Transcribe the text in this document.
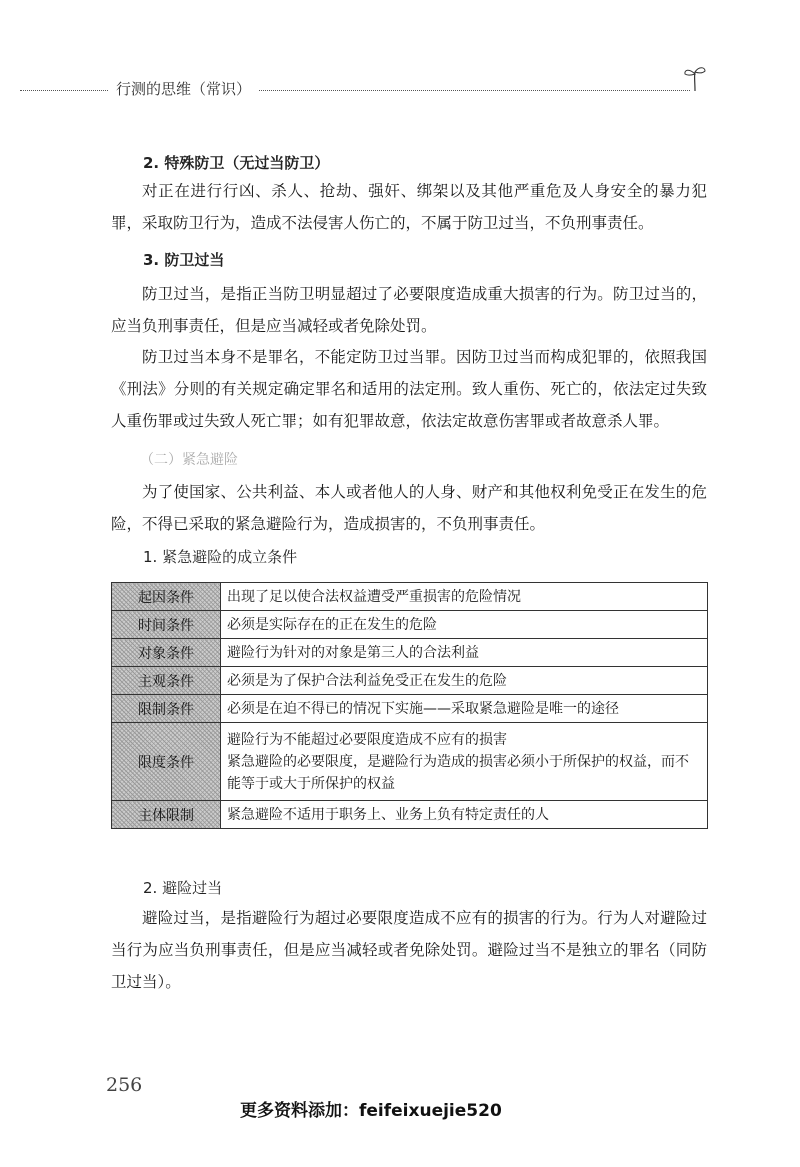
行测的思维（常识）
2. 特殊防卫（无过当防卫）

对正在进行行凶、杀人、抢劫、强奸、绑架以及其他严重危及人身安全的暴力犯罪，采取防卫行为，造成不法侵害人伤亡的，不属于防卫过当，不负刑事责任。

3. 防卫过当

防卫过当，是指正当防卫明显超过了必要限度造成重大损害的行为。防卫过当的，应当负刑事责任，但是应当减轻或者免除处罚。

防卫过当本身不是罪名，不能定防卫过当罪。因防卫过当而构成犯罪的，依照我国《刑法》分则的有关规定确定罪名和适用的法定刑。致人重伤、死亡的，依法定过失致人重伤罪或过失致人死亡罪；如有犯罪故意，依法定故意伤害罪或者故意杀人罪。

（二）紧急避险

为了使国家、公共利益、本人或者他人的人身、财产和其他权利免受正在发生的危险，不得已采取的紧急避险行为，造成损害的，不负刑事责任。

1. 紧急避险的成立条件
起因条件	出现了足以使合法权益遭受严重损害的危险情况
时间条件	必须是实际存在的正在发生的危险
对象条件	避险行为针对的对象是第三人的合法利益
主观条件	必须是为了保护合法利益免受正在发生的危险
限制条件	必须是在迫不得已的情况下实施——采取紧急避险是唯一的途径
限度条件	避险行为不能超过必要限度造成不应有的损害
紧急避险的必要限度，是避险行为造成的损害必须小于所保护的权益，而不能等于或大于所保护的权益

主体限制	紧急避险不适用于职务上、业务上负有特定责任的人
2. 避险过当

避险过当，是指避险行为超过必要限度造成不应有的损害的行为。行为人对避险过当行为应当负刑事责任，但是应当减轻或者免除处罚。避险过当不是独立的罪名（同防卫过当）。

256
更多资料添加：feifeixuejie520
